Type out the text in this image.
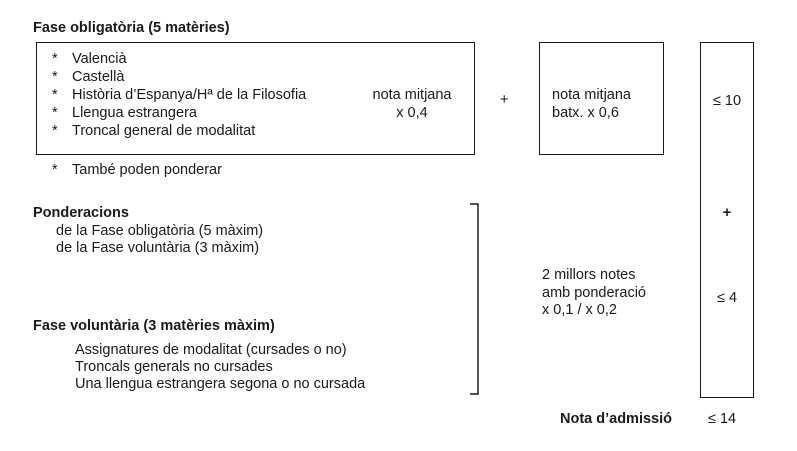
Fase obligatòria (5 matèries)
* Valencià
* Castellà
* Història d’Espanya/Hª de la Filosofia
* Llengua estrangera
* Troncal general de modalitat
nota mitjana
x 0,4
* També poden ponderar
+	nota mitjana
batx. x 0,6
≤ 10
+
≤ 4
Ponderacions
de la Fase obligatòria (5 màxim)
de la Fase voluntària (3 màxim)
2 millors notes
amb ponderació
x 0,1 / x 0,2
Fase voluntària (3 matèries màxim)
Assignatures de modalitat (cursades o no)
Troncals generals no cursades
Una llengua estrangera segona o no cursada
Nota d’admissió ≤ 14
